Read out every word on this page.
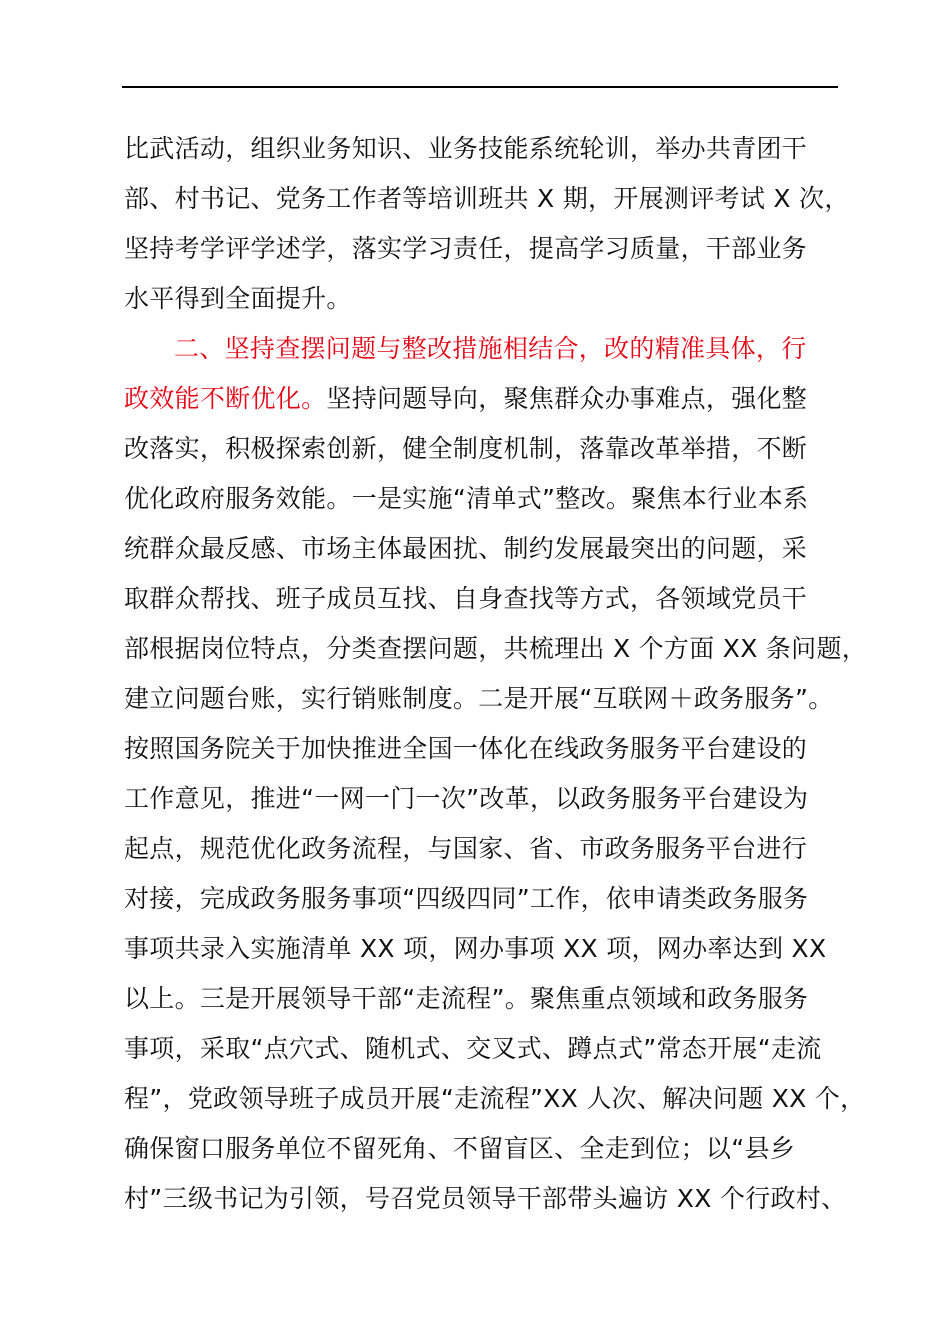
比武活动，组织业务知识、业务技能系统轮训，举办共青团干
部、村书记、党务工作者等培训班共 X 期，开展测评考试 X 次，
坚持考学评学述学，落实学习责任，提高学习质量，干部业务
水平得到全面提升。
二、坚持查摆问题与整改措施相结合，改的精准具体，行
政效能不断优化。坚持问题导向，聚焦群众办事难点，强化整
改落实，积极探索创新，健全制度机制，落靠改革举措，不断
优化政府服务效能。一是实施“清单式”整改。聚焦本行业本系
统群众最反感、市场主体最困扰、制约发展最突出的问题，采
取群众帮找、班子成员互找、自身查找等方式，各领域党员干
部根据岗位特点，分类查摆问题，共梳理出 X 个方面 XX 条问题，
建立问题台账，实行销账制度。二是开展“互联网＋政务服务”。
按照国务院关于加快推进全国一体化在线政务服务平台建设的
工作意见，推进“一网一门一次”改革，以政务服务平台建设为
起点，规范优化政务流程，与国家、省、市政务服务平台进行
对接，完成政务服务事项“四级四同”工作，依申请类政务服务
事项共录入实施清单 XX 项，网办事项 XX 项，网办率达到 XX
以上。三是开展领导干部“走流程”。聚焦重点领域和政务服务
事项，采取“点穴式、随机式、交叉式、蹲点式”常态开展“走流
程”，党政领导班子成员开展“走流程”XX 人次、解决问题 XX 个，
确保窗口服务单位不留死角、不留盲区、全走到位；以“县乡
村”三级书记为引领，号召党员领导干部带头遍访 XX 个行政村、
